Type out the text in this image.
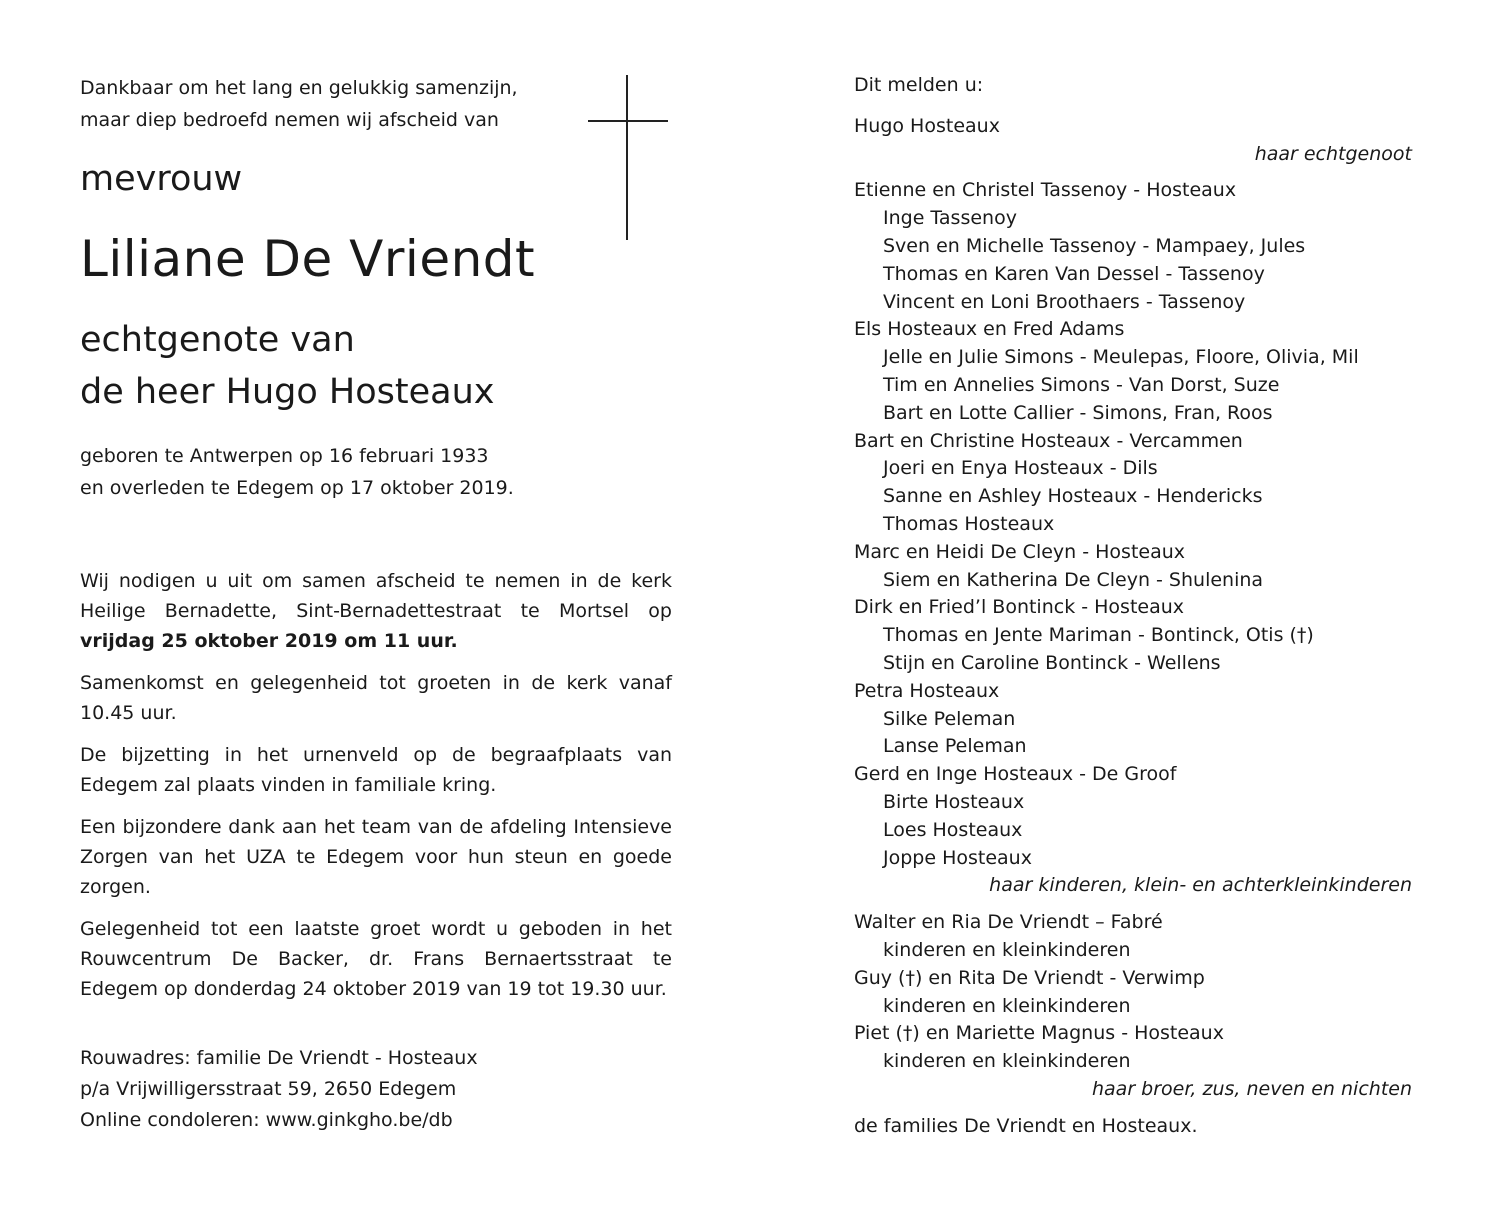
Dankbaar om het lang en gelukkig samenzijn,
maar diep bedroefd nemen wij afscheid van

mevrouw

Liliane De Vriendt

echtgenote van
de heer Hugo Hosteaux

geboren te Antwerpen op 16 februari 1933
en overleden te Edegem op 17 oktober 2019.

Wij nodigen u uit om samen afscheid te nemen in de kerk Heilige Bernadette, Sint-Bernadettestraat te Mortsel op vrijdag 25 oktober 2019 om 11 uur.

Samenkomst en gelegenheid tot groeten in de kerk vanaf 10.45 uur.

De bijzetting in het urnenveld op de begraafplaats van Edegem zal plaats vinden in familiale kring.

Een bijzondere dank aan het team van de afdeling Intensieve Zorgen van het UZA te Edegem voor hun steun en goede zorgen.

Gelegenheid tot een laatste groet wordt u geboden in het Rouwcentrum De Backer, dr. Frans Bernaertsstraat te Edegem op donderdag 24 oktober 2019 van 19 tot 19.30 uur.

Rouwadres: familie De Vriendt - Hosteaux
p/a Vrijwilligersstraat 59, 2650 Edegem
Online condoleren: www.ginkgho.be/db
Dit melden u:
Hugo Hosteaux
haar echtgenoot
Etienne en Christel Tassenoy - Hosteaux
Inge Tassenoy
Sven en Michelle Tassenoy - Mampaey, Jules
Thomas en Karen Van Dessel - Tassenoy
Vincent en Loni Broothaers - Tassenoy
Els Hosteaux en Fred Adams
Jelle en Julie Simons - Meulepas, Floore, Olivia, Mil
Tim en Annelies Simons - Van Dorst, Suze
Bart en Lotte Callier - Simons, Fran, Roos
Bart en Christine Hosteaux - Vercammen
Joeri en Enya Hosteaux - Dils
Sanne en Ashley Hosteaux - Hendericks
Thomas Hosteaux
Marc en Heidi De Cleyn - Hosteaux
Siem en Katherina De Cleyn - Shulenina
Dirk en Fried’l Bontinck - Hosteaux
Thomas en Jente Mariman - Bontinck, Otis (†)
Stijn en Caroline Bontinck - Wellens
Petra Hosteaux
Silke Peleman
Lanse Peleman
Gerd en Inge Hosteaux - De Groof
Birte Hosteaux
Loes Hosteaux
Joppe Hosteaux
haar kinderen, klein- en achterkleinkinderen
Walter en Ria De Vriendt – Fabré
kinderen en kleinkinderen
Guy (†) en Rita De Vriendt - Verwimp
kinderen en kleinkinderen
Piet (†) en Mariette Magnus - Hosteaux
kinderen en kleinkinderen
haar broer, zus, neven en nichten
de families De Vriendt en Hosteaux.
